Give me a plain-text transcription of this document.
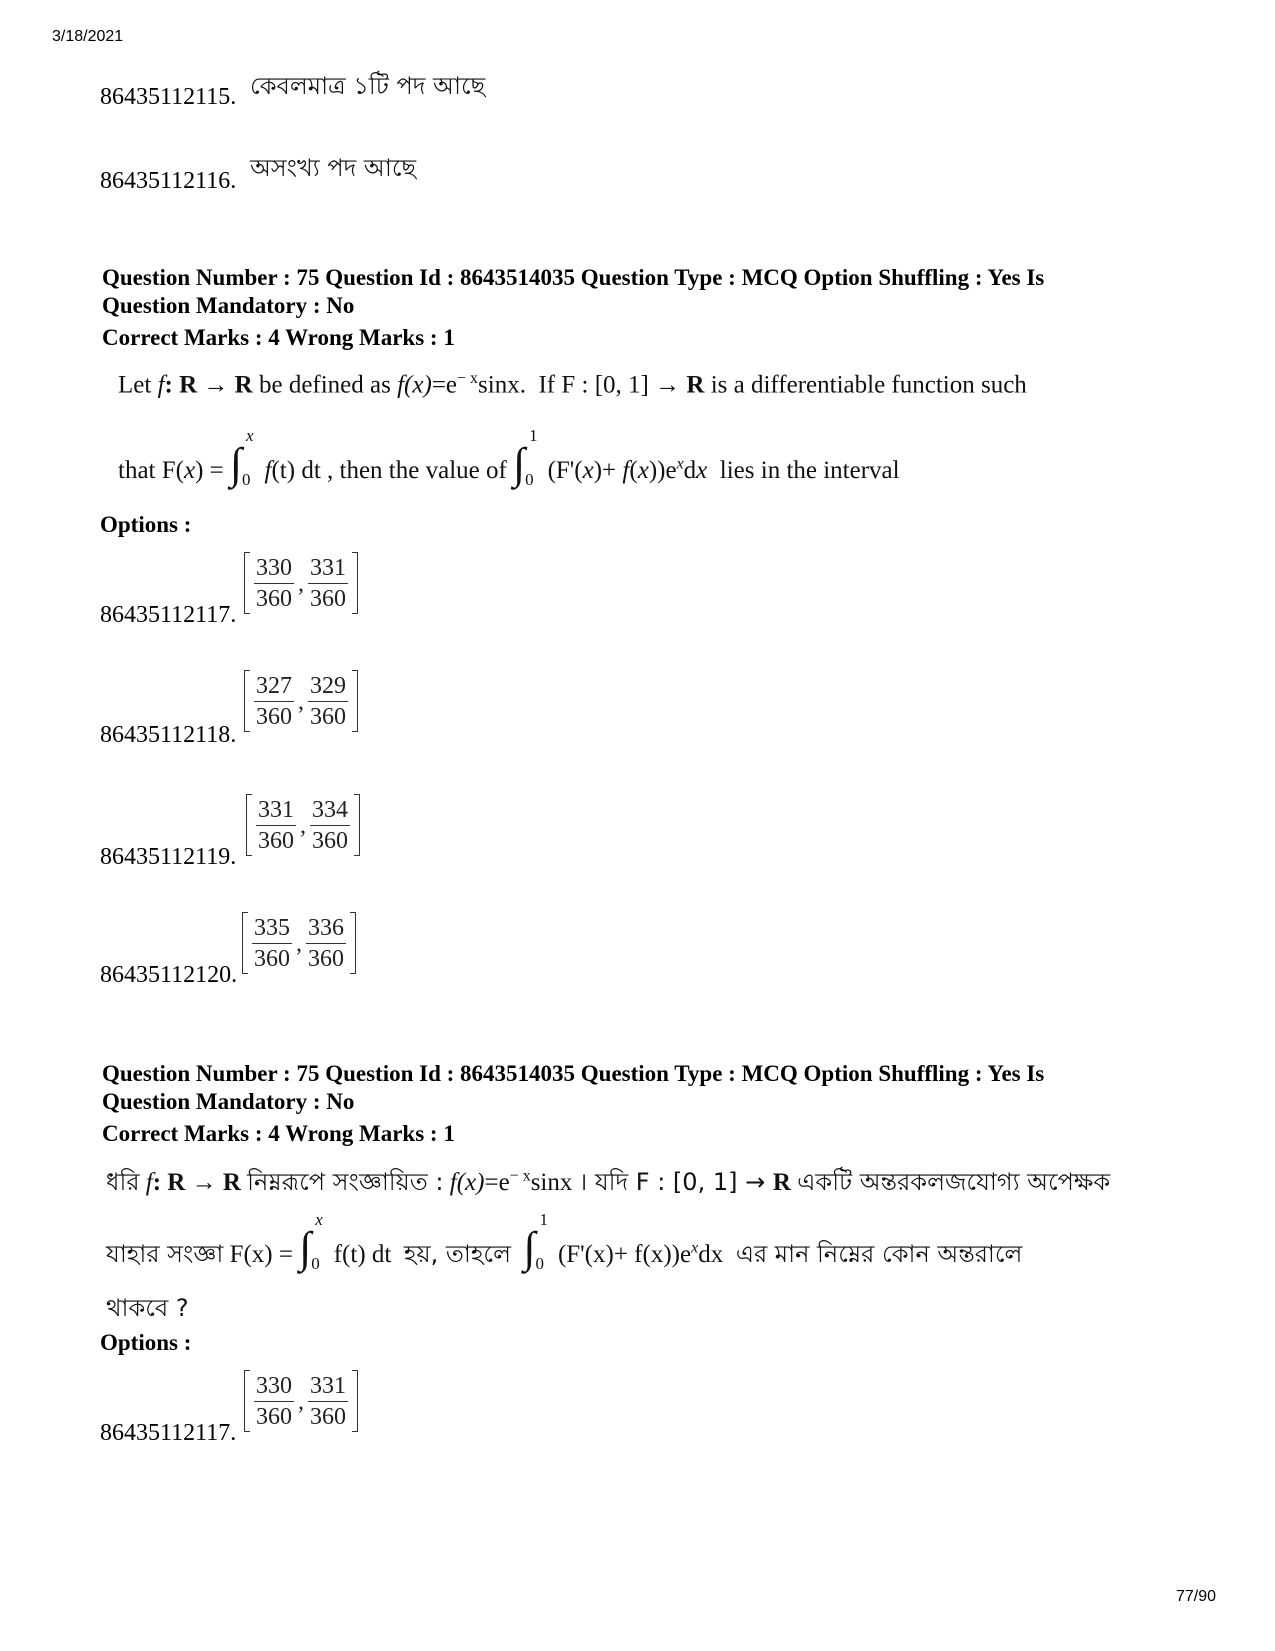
3/18/2021
77/90
86435112115. কেবলমাত্র ১টি পদ আছে
86435112116. অসংখ্য পদ আছে
Question Number : 75 Question Id : 8643514035 Question Type : MCQ Option Shuffling : Yes Is
Question Mandatory : No
Correct Marks : 4 Wrong Marks : 1
Let f: R → R be defined as $f(x)=e^{- x}\sin x$. If F : [0, 1] → R is a differentiable function such
that F(x) = ∫
x
0 f(t) dt , then the value of ∫
1
0 $(F'(x)+ f(x))e^xdx$ lies in the interval
Options :
86435112117.
$\frac{330}{360}$ , $\frac{331}{360}$
86435112118.
$\frac{327}{360}$ , $\frac{329}{360}$
86435112119.
$\frac{331}{360}$ , $\frac{334}{360}$
86435112120.
$\frac{335}{360}$ , $\frac{336}{360}$
Question Number : 75 Question Id : 8643514035 Question Type : MCQ Option Shuffling : Yes Is
Question Mandatory : No
Correct Marks : 4 Wrong Marks : 1
ধরি f: R → R নিম্নরূপে সংজ্ঞায়িত : $f(x)=e^{- x}\sin x$ । যদি F : [0, 1] → R একটি অন্তরকলজযোগ্য অপেক্ষক
যাহার সংজ্ঞা F(x) = ∫
x
0 f(t) dt হয়, তাহলে ∫
1
0 $(F'(x)+ f(x))e^xdx$ এর মান নিম্নের কোন অন্তরালে
থাকবে ?
Options :
86435112117.
$\frac{330}{360}$ , $\frac{331}{360}$
